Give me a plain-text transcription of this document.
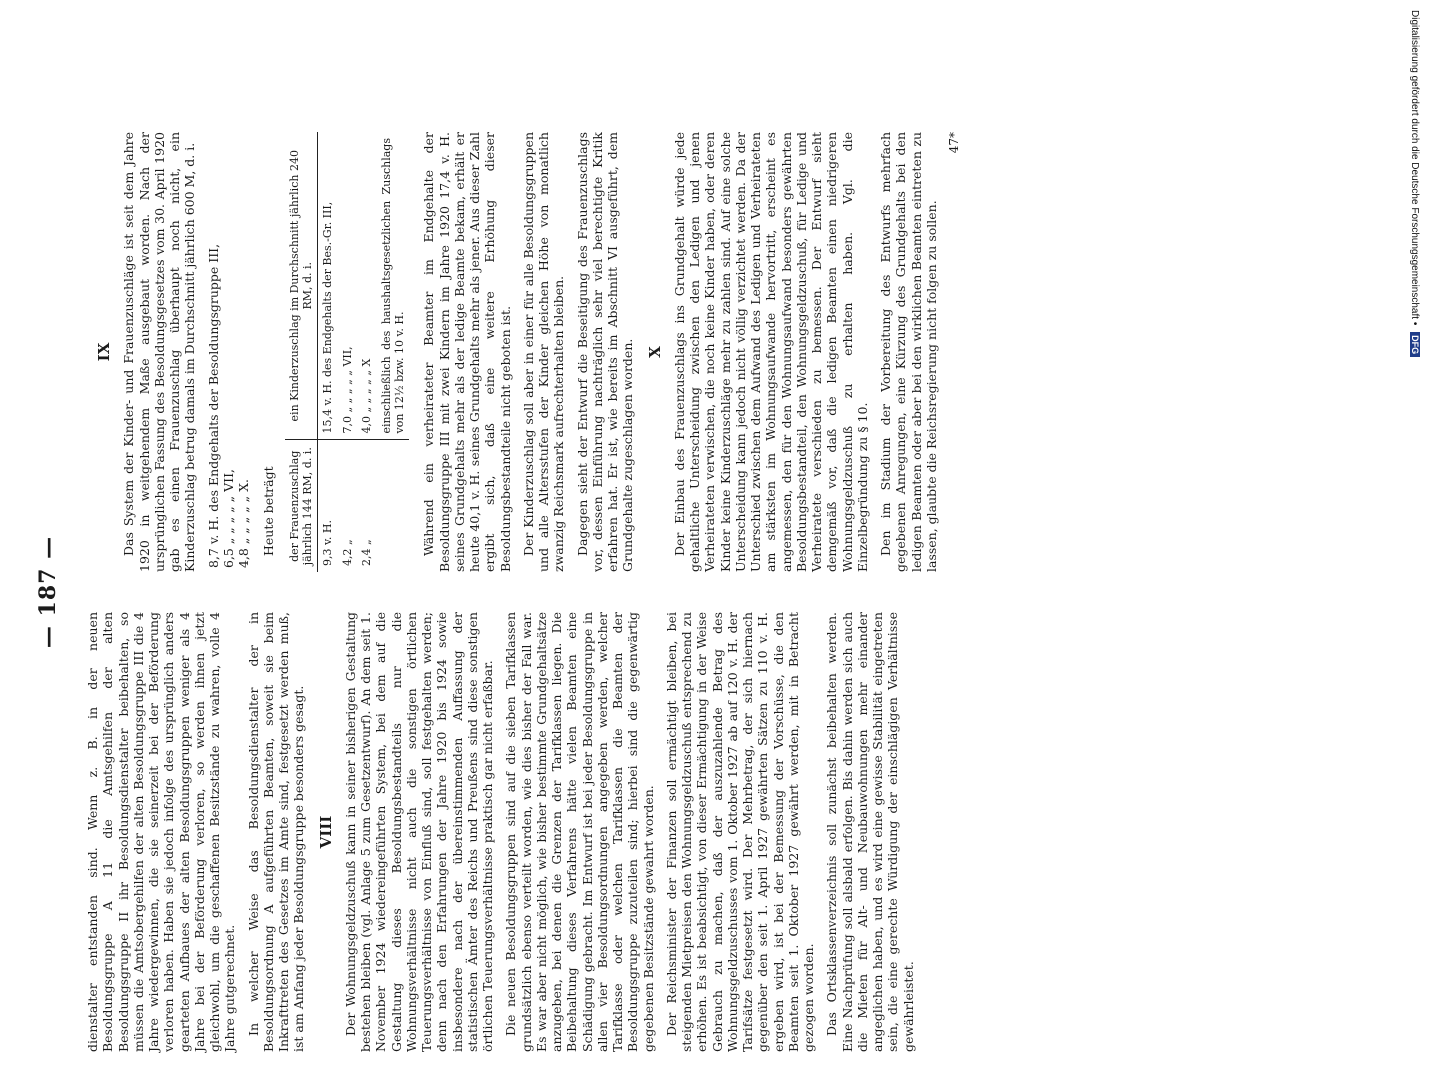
— 187 —

dienstalter entstanden sind. Wenn z. B. in der neuen Besoldungsgruppe A 11 die Amtsgehilfen der alten Besoldungsgruppe II ihr Besoldungsdienstalter beibehalten, so müssen die Amtsobergehilfen der alten Besoldungsgruppe III die 4 Jahre wiedergewinnen, die sie seinerzeit bei der Beförderung verloren haben. Haben sie jedoch infolge des ursprünglich anders gearteten Aufbaues der alten Besoldungsgruppen weniger als 4 Jahre bei der Beförderung verloren, so werden ihnen jetzt gleichwohl, um die geschaffenen Besitzstände zu wahren, volle 4 Jahre gutgerechnet. In welcher Weise das Besoldungsdienstalter der in Besoldungsordnung A aufgeführten Beamten, soweit sie beim Inkrafttreten des Gesetzes im Amte sind, festgesetzt werden muß, ist am Anfang jeder Besoldungsgruppe besonders gesagt. VIII Der Wohnungsgeldzuschuß kann in seiner bisherigen Gestaltung bestehen bleiben (vgl. Anlage 5 zum Gesetzentwurf). An dem seit 1. November 1924 wiedereingeführten System, bei dem auf die Gestaltung dieses Besoldungsbestandteils nur die Wohnungsverhältnisse nicht auch die sonstigen örtlichen Teuerungsverhältnisse von Einfluß sind, soll festgehalten werden; denn nach den Erfahrungen der Jahre 1920 bis 1924 sowie insbesondere nach der übereinstimmenden Auffassung der statistischen Ämter des Reichs und Preußens sind diese sonstigen örtlichen Teuerungsverhältnisse praktisch gar nicht erfaßbar. Die neuen Besoldungsgruppen sind auf die sieben Tarifklassen grundsätzlich ebenso verteilt worden, wie dies bisher der Fall war. Es war aber nicht möglich, wie bisher bestimmte Grundgehaltsätze anzugeben, bei denen die Grenzen der Tarifklassen liegen. Die Beibehaltung dieses Verfahrens hätte vielen Beamten eine Schädigung gebracht. Im Entwurf ist bei jeder Besoldungsgruppe in allen vier Besoldungsordnungen angegeben werden, welcher Tarifklasse oder welchen Tarifklassen die Beamten der Besoldungsgruppe zuzuteilen sind; hierbei sind die gegenwärtig gegebenen Besitzstände gewahrt worden. Der Reichsminister der Finanzen soll ermächtigt bleiben, bei steigenden Mietpreisen den Wohnungsgeldzuschuß entsprechend zu erhöhen. Es ist beabsichtigt, von dieser Ermächtigung in der Weise Gebrauch zu machen, daß der auszuzahlende Betrag des Wohnungsgeldzuschusses vom 1. Oktober 1927 ab auf 120 v. H. der Tarifsätze festgesetzt wird. Der Mehrbetrag, der sich hiernach gegenüber den seit 1. April 1927 gewährten Sätzen zu 110 v. H. ergeben wird, ist bei der Bemessung der Vorschüsse, die den Beamten seit 1. Oktober 1927 gewährt werden, mit in Betracht gezogen worden. Das Ortsklassenverzeichnis soll zunächst beibehalten werden. Eine Nachprüfung soll alsbald erfolgen. Bis dahin werden sich auch die Mieten für Alt- und Neubauwohnungen mehr einander angeglichen haben, und es wird eine gewisse Stabilität eingetreten sein, die eine gerechte Würdigung der einschlägigen Verhältnisse gewährleistet.

IX Das System der Kinder- und Frauenzuschläge ist seit dem Jahre 1920 in weitgehendem Maße ausgebaut worden. Nach der ursprünglichen Fassung des Besoldungsgesetzes vom 30. April 1920 gab es einen Frauenzuschlag überhaupt noch nicht, ein Kinderzuschlag betrug damals im Durchschnitt jährlich 600 M, d. i. 8,7 v. H. des Endgehalts der Besoldungsgruppe III, 6,5 „ „ „ „ „ VII, 4,8 „ „ „ „ „ X. Heute beträgt der Frauenzuschlag jährlich 144 RM, d. i.	ein Kinderzuschlag im Durchschnitt jährlich 240 RM, d. i.
9,3 v. H.	15,4 v. H. des Endgehalts der Bes.-Gr. III,
4,2 „	7,0 „ „ „ „ „ VII,
2,4 „	4,0 „ „ „ „ „ X
	einschließlich des haushaltsgesetzlichen Zuschlags von 12½ bzw. 10 v. H. Während ein verheirateter Beamter im Endgehalte der Besoldungsgruppe III mit zwei Kindern im Jahre 1920 17,4 v. H. seines Grundgehalts mehr als der ledige Beamte bekam, erhält er heute 40,1 v. H. seines Grundgehalts mehr als jener. Aus dieser Zahl ergibt sich, daß eine weitere Erhöhung dieser Besoldungsbestandteile nicht geboten ist. Der Kinderzuschlag soll aber in einer für alle Besoldungsgruppen und alle Altersstufen der Kinder gleichen Höhe von monatlich zwanzig Reichsmark aufrechterhalten bleiben. Dagegen sieht der Entwurf die Beseitigung des Frauenzuschlags vor, dessen Einführung nachträglich sehr viel berechtigte Kritik erfahren hat. Er ist, wie bereits im Abschnitt VI ausgeführt, dem Grundgehalte zugeschlagen worden. X Der Einbau des Frauenzuschlags ins Grundgehalt würde jede gehaltliche Unterscheidung zwischen den Ledigen und jenen Verheirateten verwischen, die noch keine Kinder haben, oder deren Kinder keine Kinderzuschläge mehr zu zahlen sind. Auf eine solche Unterscheidung kann jedoch nicht völlig verzichtet werden. Da der Unterschied zwischen dem Aufwand des Ledigen und Verheirateten am stärksten im Wohnungsaufwande hervortritt, erscheint es angemessen, den für den Wohnungsaufwand besonders gewährten Besoldungsbestandteil, den Wohnungsgeldzuschuß, für Ledige und Verheiratete verschieden zu bemessen. Der Entwurf sieht demgemäß vor, daß die ledigen Beamten einen niedrigeren Wohnungsgeldzuschuß zu erhalten haben. Vgl. die Einzelbegründung zu § 10. Den im Stadium der Vorbereitung des Entwurfs mehrfach gegebenen Anregungen, eine Kürzung des Grundgehalts bei den ledigen Beamten oder aber bei den wirklichen Beamten eintreten zu lassen, glaubte die Reichsregierung nicht folgen zu sollen.

47*	Digitalisierung gefördert durch die Deutsche Forschungsgemeinschaft • DFG
